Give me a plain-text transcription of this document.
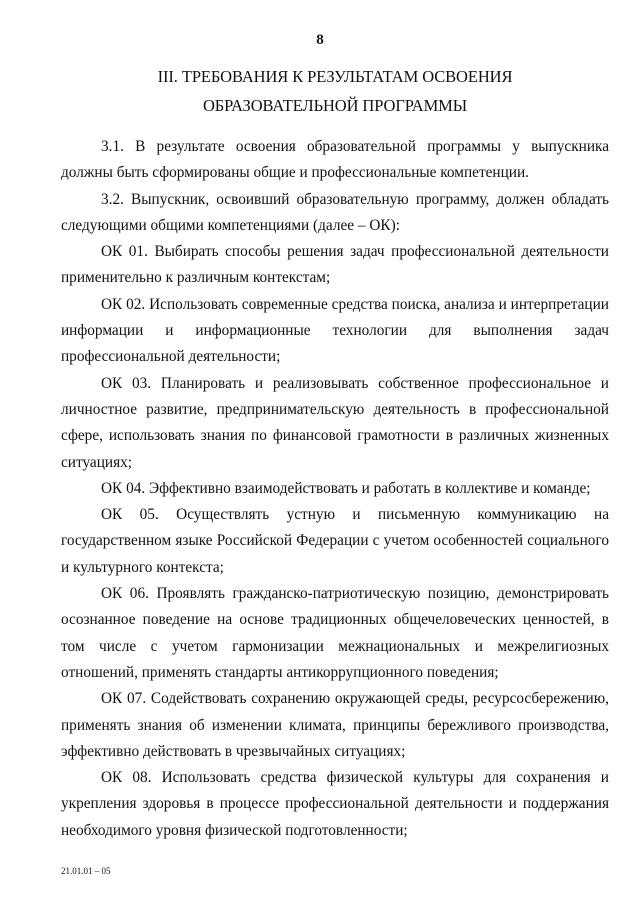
8
III. ТРЕБОВАНИЯ К РЕЗУЛЬТАТАМ ОСВОЕНИЯ ОБРАЗОВАТЕЛЬНОЙ ПРОГРАММЫ

3.1. В результате освоения образовательной программы у выпускника должны быть сформированы общие и профессиональные компетенции.

3.2. Выпускник, освоивший образовательную программу, должен обладать следующими общими компетенциями (далее – ОК):

ОК 01. Выбирать способы решения задач профессиональной деятельности применительно к различным контекстам;

ОК 02. Использовать современные средства поиска, анализа и интерпретации информации и информационные технологии для выполнения задач профессиональной деятельности;

ОК 03. Планировать и реализовывать собственное профессиональное и личностное развитие, предпринимательскую деятельность в профессиональной сфере, использовать знания по финансовой грамотности в различных жизненных ситуациях;

ОК 04. Эффективно взаимодействовать и работать в коллективе и команде;

ОК 05. Осуществлять устную и письменную коммуникацию на государственном языке Российской Федерации с учетом особенностей социального и культурного контекста;

ОК 06. Проявлять гражданско-патриотическую позицию, демонстрировать осознанное поведение на основе традиционных общечеловеческих ценностей, в том числе с учетом гармонизации межнациональных и межрелигиозных отношений, применять стандарты антикоррупционного поведения;

ОК 07. Содействовать сохранению окружающей среды, ресурсосбережению, применять знания об изменении климата, принципы бережливого производства, эффективно действовать в чрезвычайных ситуациях;

ОК 08. Использовать средства физической культуры для сохранения и укрепления здоровья в процессе профессиональной деятельности и поддержания необходимого уровня физической подготовленности;

21.01.01 – 05
